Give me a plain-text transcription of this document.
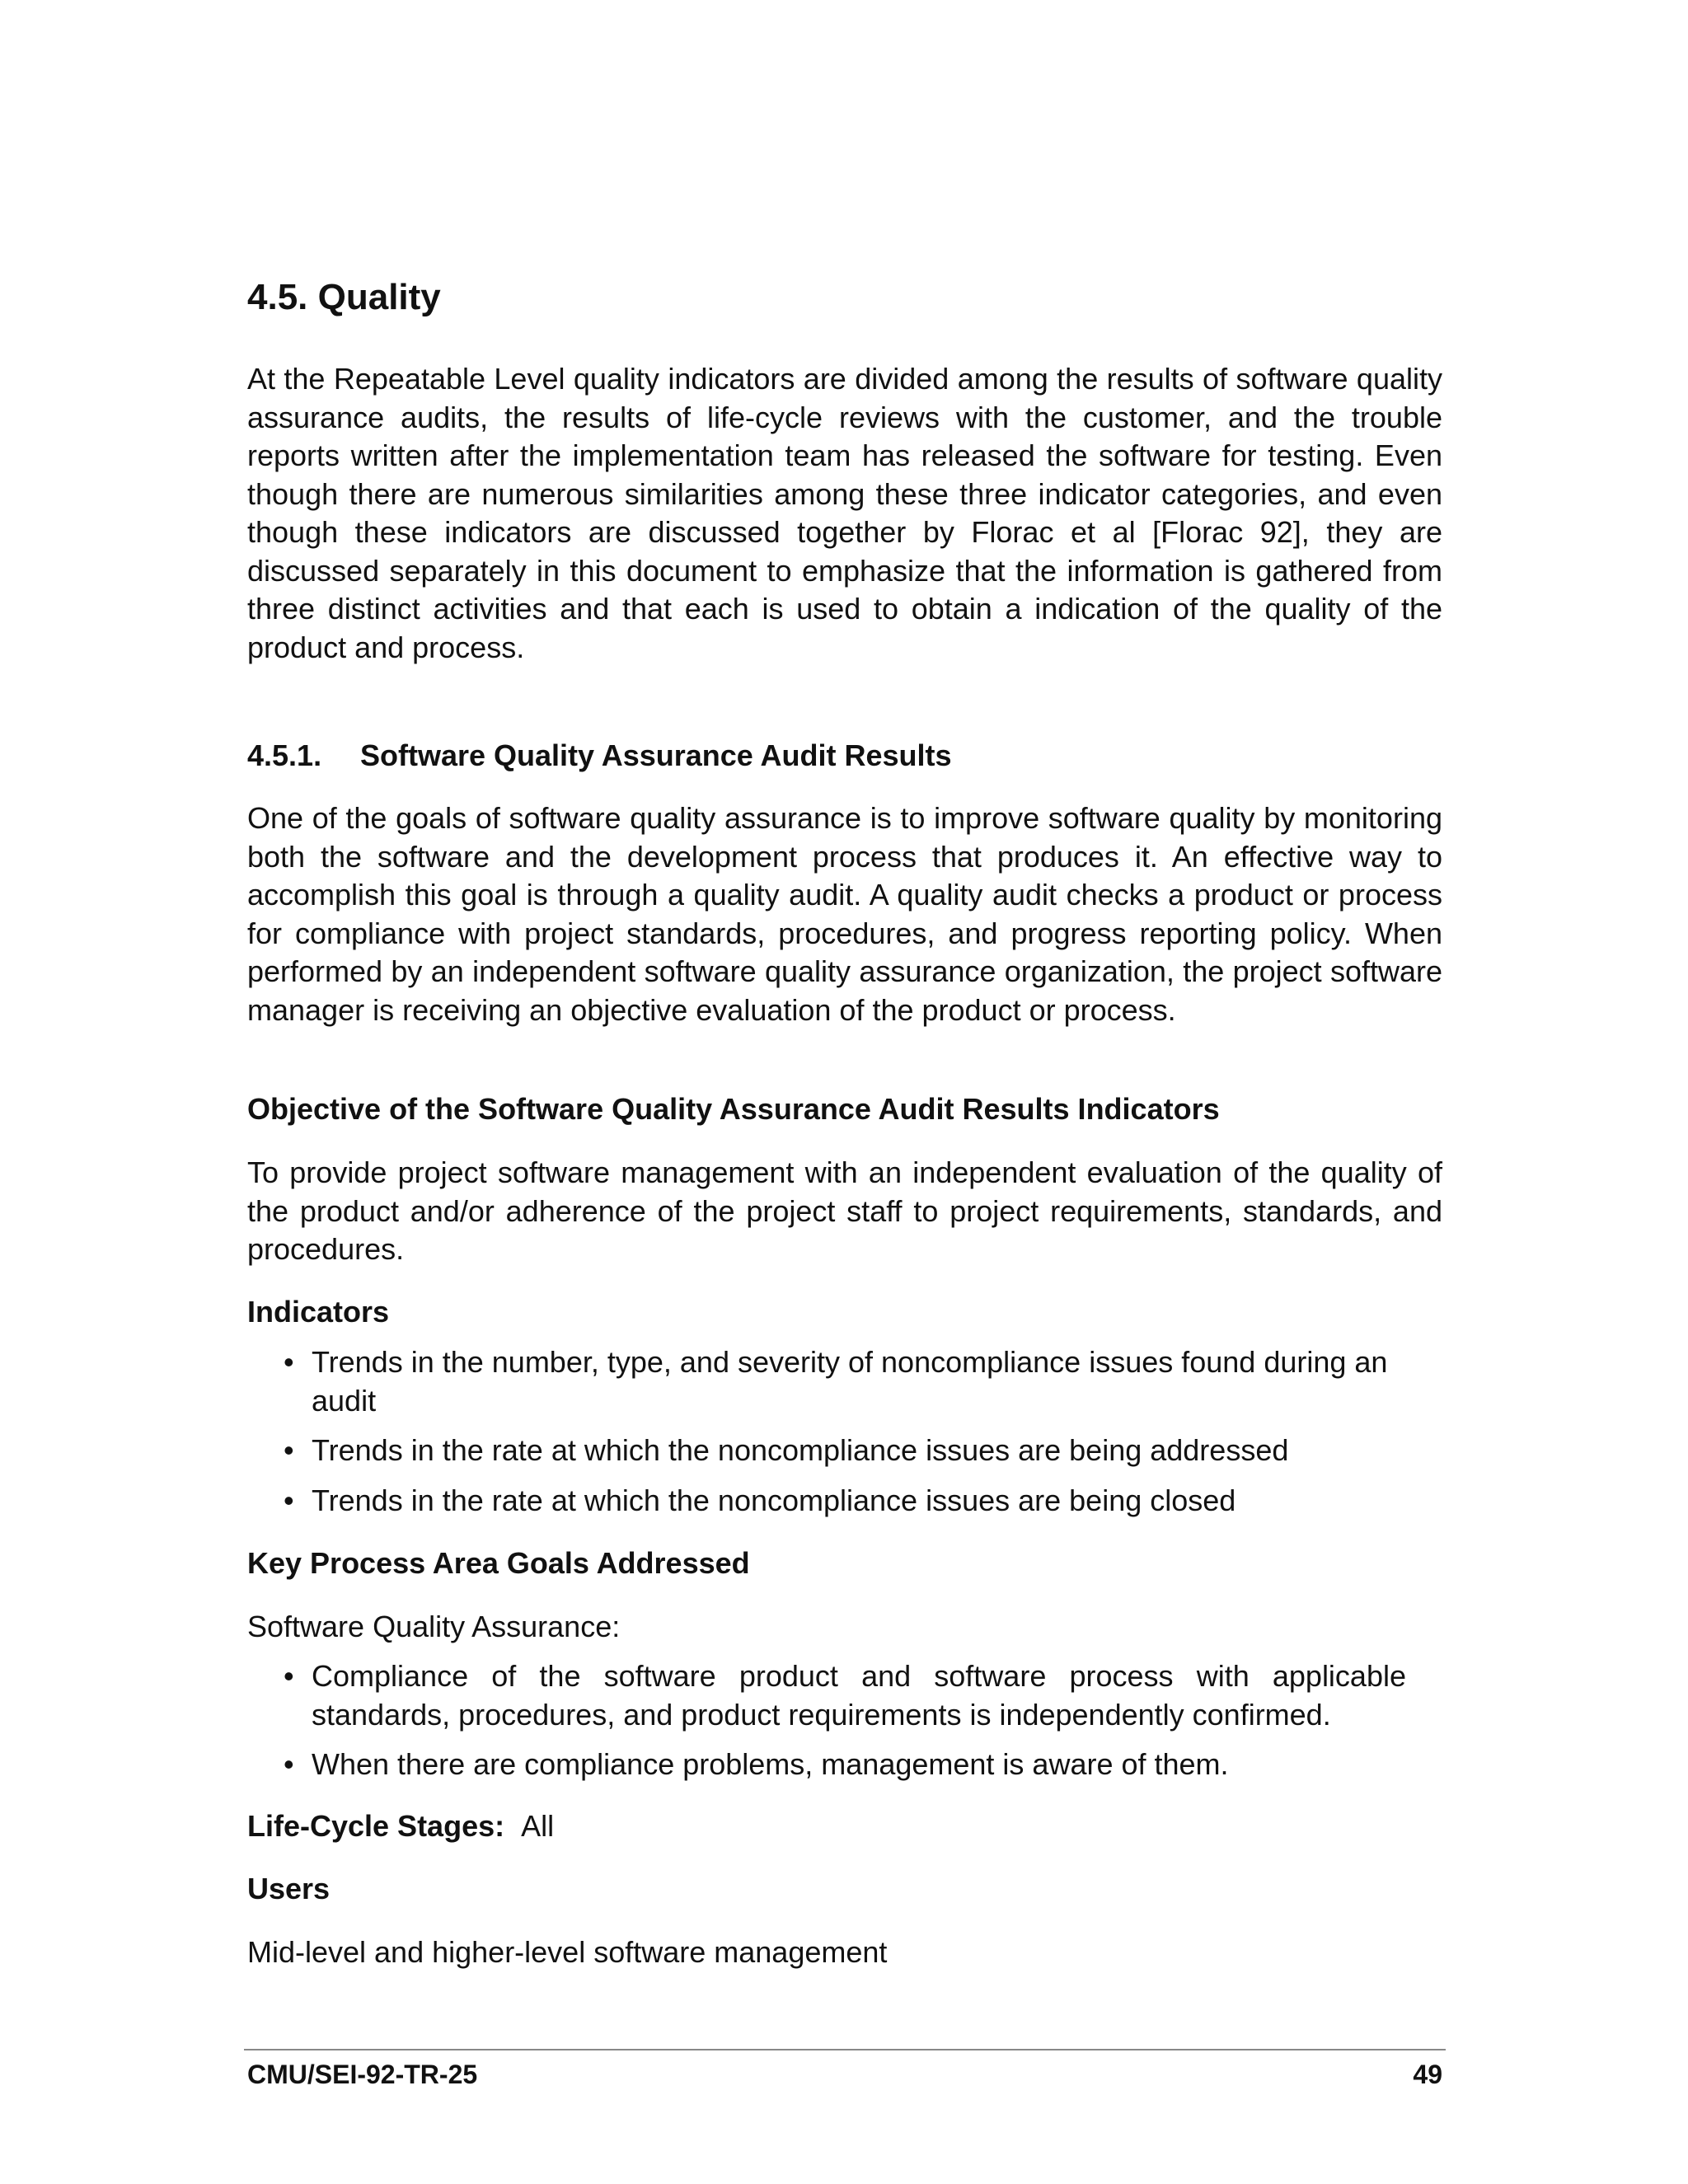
4.5. Quality

At the Repeatable Level quality indicators are divided among the results of software quality assurance audits, the results of life-cycle reviews with the customer, and the trouble reports written after the implementation team has released the software for testing. Even though there are numerous similarities among these three indicator categories, and even though these indicators are discussed together by Florac et al [Florac 92], they are discussed separately in this document to emphasize that the information is gathered from three distinct activities and that each is used to obtain a indication of the quality of the product and process.

4.5.1. Software Quality Assurance Audit Results

One of the goals of software quality assurance is to improve software quality by monitoring both the software and the development process that produces it. An effective way to accomplish this goal is through a quality audit. A quality audit checks a product or process for compliance with project standards, procedures, and progress reporting policy. When performed by an independent software quality assurance organization, the project software manager is receiving an objective evaluation of the product or process.

Objective of the Software Quality Assurance Audit Results Indicators

To provide project software management with an independent evaluation of the quality of the product and/or adherence of the project staff to project requirements, standards, and procedures.

Indicators
• Trends in the number, type, and severity of noncompliance issues found during an audit
• Trends in the rate at which the noncompliance issues are being addressed
• Trends in the rate at which the noncompliance issues are being closed
Key Process Area Goals Addressed

Software Quality Assurance:

• Compliance of the software product and software process with applicable standards, procedures, and product requirements is independently confirmed.
• When there are compliance problems, management is aware of them.

Life-Cycle Stages: All

Users

Mid-level and higher-level software management

CMU/SEI-92-TR-25	49
